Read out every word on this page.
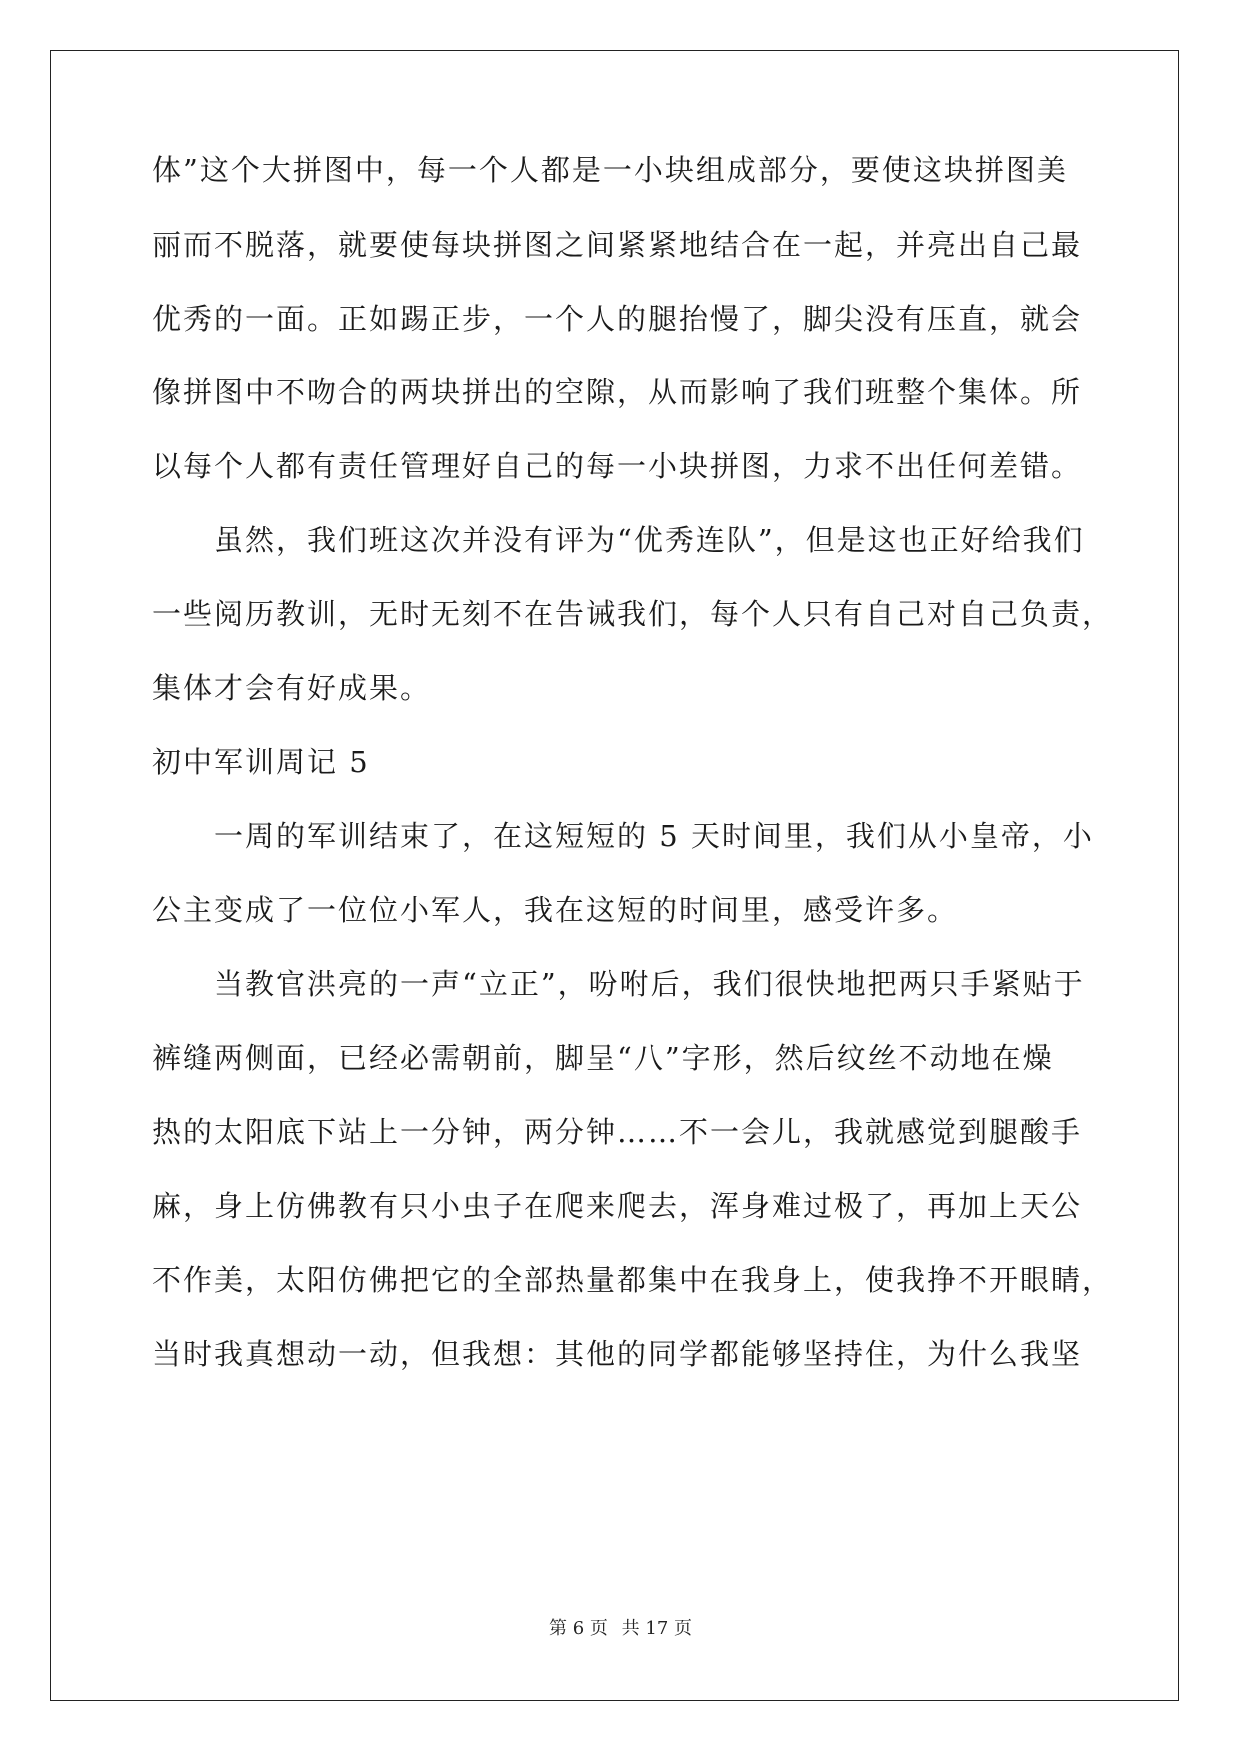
体”这个大拼图中，每一个人都是一小块组成部分，要使这块拼图美
丽而不脱落，就要使每块拼图之间紧紧地结合在一起，并亮出自己最
优秀的一面。正如踢正步，一个人的腿抬慢了，脚尖没有压直，就会
像拼图中不吻合的两块拼出的空隙，从而影响了我们班整个集体。所
以每个人都有责任管理好自己的每一小块拼图，力求不出任何差错。
虽然，我们班这次并没有评为“优秀连队”，但是这也正好给我们
一些阅历教训，无时无刻不在告诫我们，每个人只有自己对自己负责，
集体才会有好成果。
初中军训周记 5
一周的军训结束了，在这短短的 5 天时间里，我们从小皇帝，小
公主变成了一位位小军人，我在这短的时间里，感受许多。
当教官洪亮的一声“立正”，吩咐后，我们很快地把两只手紧贴于
裤缝两侧面，已经必需朝前，脚呈“八”字形，然后纹丝不动地在燥
热的太阳底下站上一分钟，两分钟……不一会儿，我就感觉到腿酸手
麻，身上仿佛教有只小虫子在爬来爬去，浑身难过极了，再加上天公
不作美，太阳仿佛把它的全部热量都集中在我身上，使我挣不开眼睛，
当时我真想动一动，但我想：其他的同学都能够坚持住，为什么我坚
第 6 页 共 17 页
